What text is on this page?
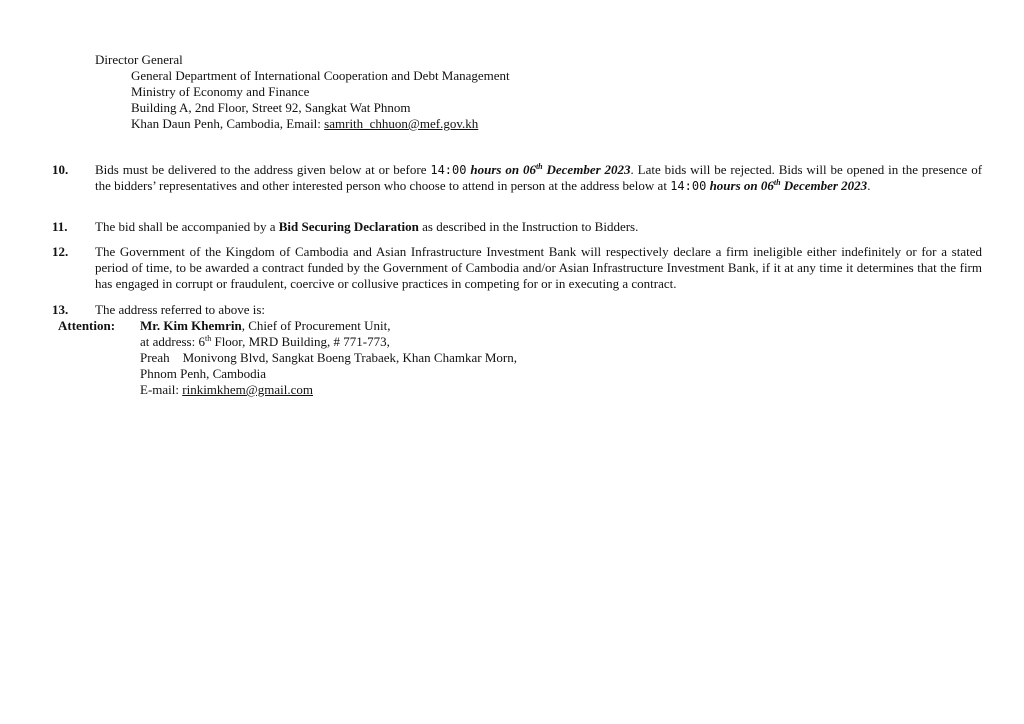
Director General
General Department of International Cooperation and Debt Management
Ministry of Economy and Finance
Building A, 2nd Floor, Street 92, Sangkat Wat Phnom
Khan Daun Penh, Cambodia, Email: samrith_chhuon@mef.gov.kh
10. Bids must be delivered to the address given below at or before 14:00 hours on 06th December 2023. Late bids will be rejected. Bids will be opened in the presence of the bidders’ representatives and other interested person who choose to attend in person at the address below at 14:00 hours on 06th December 2023.
11. The bid shall be accompanied by a Bid Securing Declaration as described in the Instruction to Bidders.
12. The Government of the Kingdom of Cambodia and Asian Infrastructure Investment Bank will respectively declare a firm ineligible either indefinitely or for a stated period of time, to be awarded a contract funded by the Government of Cambodia and/or Asian Infrastructure Investment Bank, if it at any time it determines that the firm has engaged in corrupt or fraudulent, coercive or collusive practices in competing for or in executing a contract.
13. The address referred to above is:
Attention: Mr. Kim Khemrin, Chief of Procurement Unit,
at address: 6th Floor, MRD Building, # 771-773,
Preah    Monivong Blvd, Sangkat Boeng Trabaek, Khan Chamkar Morn,
Phnom Penh, Cambodia
E-mail: rinkimkhem@gmail.com
